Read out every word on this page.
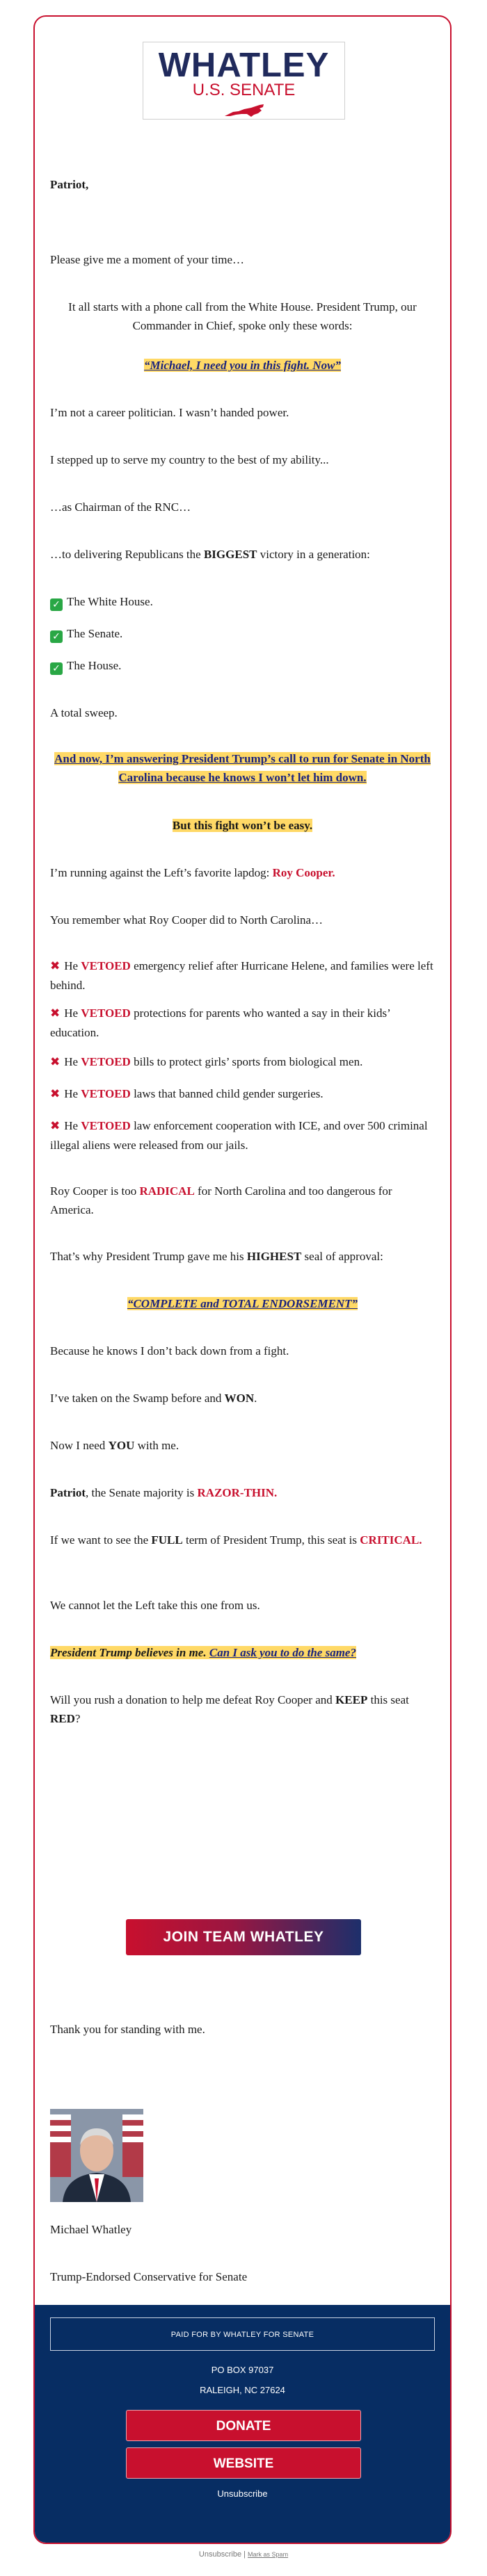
WHATLEY
U.S. SENATE
Patriot,
Please give me a moment of your time…
It all starts with a phone call from the White House. President Trump, our Commander in Chief, spoke only these words:
“Michael, I need you in this fight. Now”
I’m not a career politician. I wasn’t handed power.
I stepped up to serve my country to the best of my ability...
…as Chairman of the RNC…
…to delivering Republicans the BIGGEST victory in a generation:
✓ The White House.
✓ The Senate.
✓ The House.
A total sweep.
And now, I’m answering President Trump’s call to run for Senate in North Carolina because he knows I won’t let him down.
But this fight won’t be easy.
I’m running against the Left’s favorite lapdog: Roy Cooper.
You remember what Roy Cooper did to North Carolina…
✖ He VETOED emergency relief after Hurricane Helene, and families were left behind.
✖ He VETOED protections for parents who wanted a say in their kids’ education.
✖ He VETOED bills to protect girls’ sports from biological men.
✖ He VETOED laws that banned child gender surgeries.
✖ He VETOED law enforcement cooperation with ICE, and over 500 criminal illegal aliens were released from our jails.
Roy Cooper is too RADICAL for North Carolina and too dangerous for America.
That’s why President Trump gave me his HIGHEST seal of approval:
“COMPLETE and TOTAL ENDORSEMENT”
Because he knows I don’t back down from a fight.
I’ve taken on the Swamp before and WON.
Now I need YOU with me.
Patriot, the Senate majority is RAZOR-THIN.
If we want to see the FULL term of President Trump, this seat is CRITICAL.
We cannot let the Left take this one from us.
President Trump believes in me. Can I ask you to do the same?
Will you rush a donation to help me defeat Roy Cooper and KEEP this seat RED?
Thank you for standing with me.
Michael Whatley
Trump-Endorsed Conservative for Senate
JOIN TEAM WHATLEY
PAID FOR BY WHATLEY FOR SENATE
PO BOX 97037
RALEIGH, NC 27624
DONATE
WEBSITE
Unsubscribe
Unsubscribe | Mark as Spam
